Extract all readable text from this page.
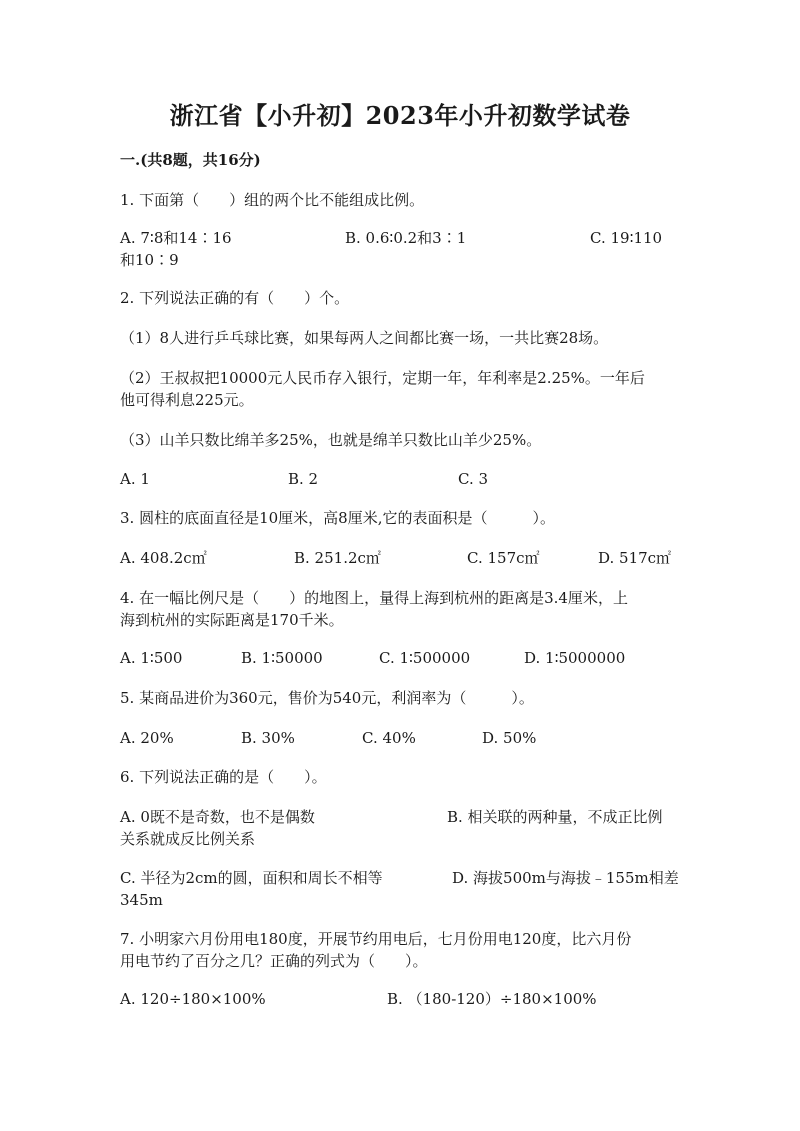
浙江省【小升初】2023年小升初数学试卷
一.(共8题，共16分)
1. 下面第（　　）组的两个比不能组成比例。
A. 7∶8和14∶16	B. 0.6∶0.2和3∶1	C. 19∶110
和10∶9
2. 下列说法正确的有（　　）个。
（1）8人进行乒乓球比赛，如果每两人之间都比赛一场，一共比赛28场。
（2）王叔叔把10000元人民币存入银行，定期一年，年利率是2.25%。一年后
他可得利息225元。
（3）山羊只数比绵羊多25%，也就是绵羊只数比山羊少25%。
A. 1	B. 2	C. 3
3. 圆柱的底面直径是10厘米，高8厘米,它的表面积是（　　　）。
A. 408.2c㎡	B. 251.2c㎡	C. 157c㎡	D. 517c㎡
4. 在一幅比例尺是（　　）的地图上，量得上海到杭州的距离是3.4厘米，上
海到杭州的实际距离是170千米。
A. 1∶500	B. 1∶50000	C. 1∶500000	D. 1∶5000000
5. 某商品进价为360元，售价为540元，利润率为（　　　）。
A. 20%	B. 30%	C. 40%	D. 50%
6. 下列说法正确的是（　　）。
A. 0既不是奇数，也不是偶数	B. 相关联的两种量，不成正比例
关系就成反比例关系
C. 半径为2cm的圆，面积和周长不相等	D. 海拔500m与海拔﹣155m相差
345m
7. 小明家六月份用电180度，开展节约用电后，七月份用电120度，比六月份
用电节约了百分之几？正确的列式为（　　）。
A. 120÷180×100%	B. （180-120）÷180×100%
